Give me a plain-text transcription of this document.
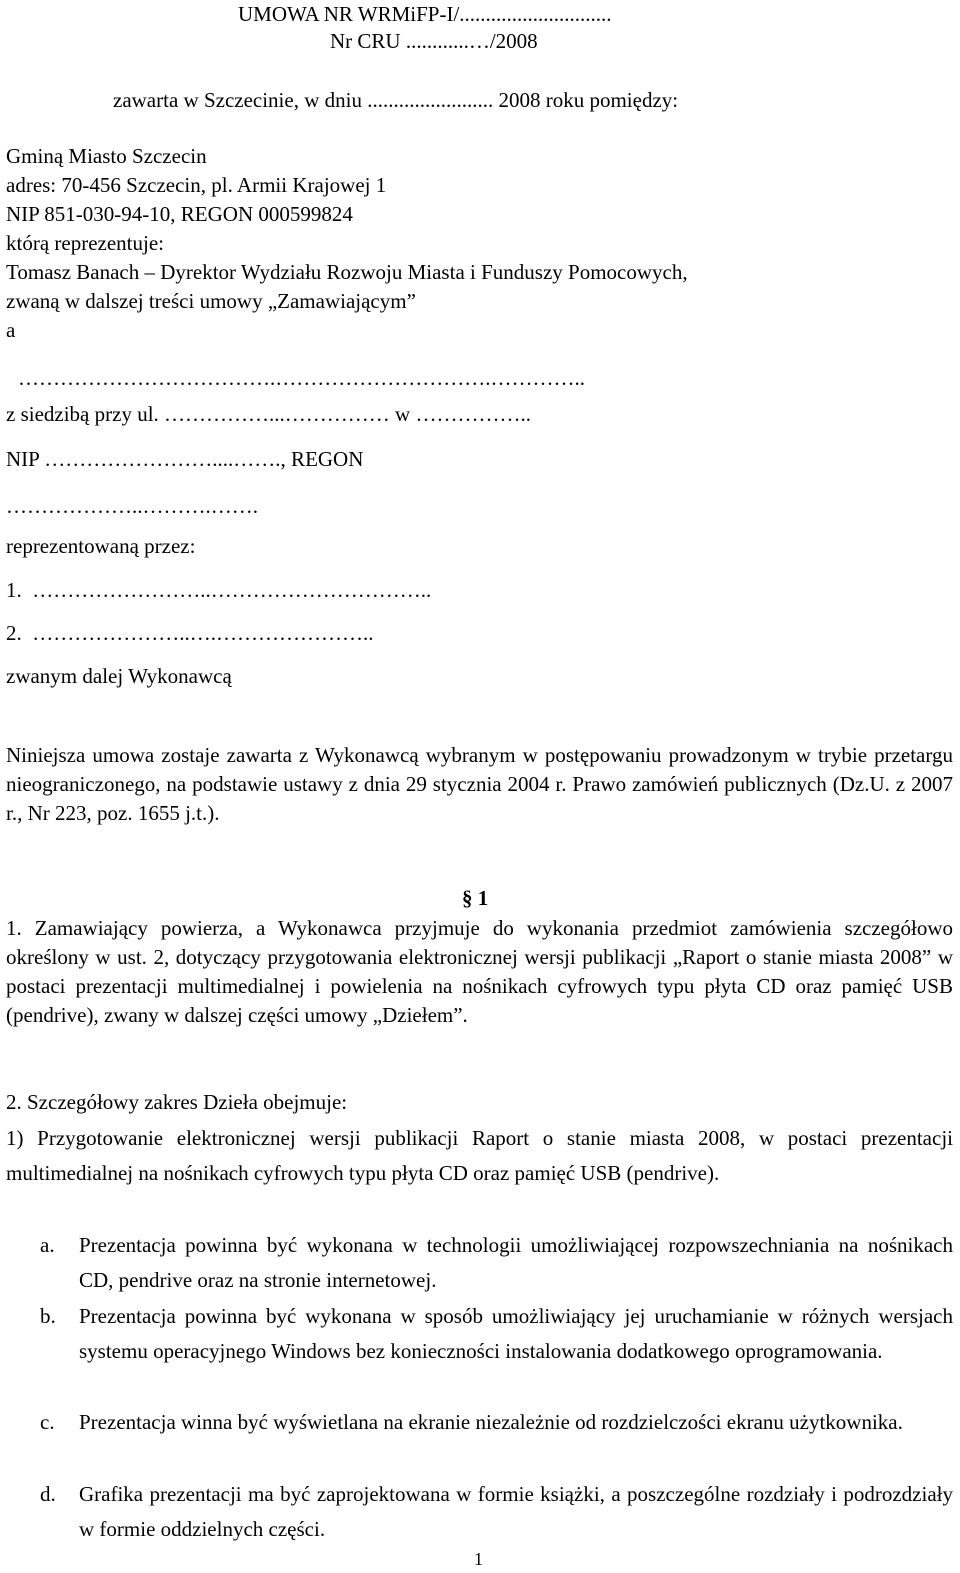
UMOWA NR WRMiFP-I/.............................
Nr CRU ............…/2008
zawarta w Szczecinie, w dniu ........................ 2008 roku pomiędzy:
Gminą Miasto Szczecin
adres: 70-456 Szczecin, pl. Armii Krajowej 1
NIP 851-030-94-10, REGON 000599824
którą reprezentuje:
Tomasz Banach – Dyrektor Wydziału Rozwoju Miasta i Funduszy Pomocowych,
zwaną w dalszej treści umowy „Zamawiającym”
a
……………………………….………………………….…………..
z siedzibą przy ul. ……………...…………… w ……………..
NIP ……………………....……., REGON
………………..……….…….
reprezentowaną przez:
1.  ……………………..…………………………..
2.  …………………..….…………………..
zwanym dalej Wykonawcą
Niniejsza umowa zostaje zawarta z Wykonawcą wybranym w postępowaniu prowadzonym w trybie przetargu nieograniczonego, na podstawie ustawy z dnia 29 stycznia 2004 r. Prawo zamówień publicznych (Dz.U. z 2007 r., Nr 223, poz. 1655 j.t.).
§ 1
1. Zamawiający powierza, a Wykonawca przyjmuje do wykonania przedmiot zamówienia szczegółowo określony w ust. 2, dotyczący przygotowania elektronicznej wersji publikacji „Raport o stanie miasta 2008” w postaci prezentacji multimedialnej i powielenia na nośnikach cyfrowych typu płyta CD oraz pamięć USB (pendrive), zwany w dalszej części umowy „Dziełem”.
2. Szczegółowy zakres Dzieła obejmuje:
1) Przygotowanie elektronicznej wersji publikacji Raport o stanie miasta 2008, w postaci prezentacji multimedialnej na nośnikach cyfrowych typu płyta CD oraz pamięć USB (pendrive).
a. Prezentacja powinna być wykonana w technologii umożliwiającej rozpowszechniania na nośnikach CD, pendrive oraz na stronie internetowej.
b. Prezentacja powinna być wykonana w sposób umożliwiający jej uruchamianie w różnych wersjach systemu operacyjnego Windows bez konieczności instalowania dodatkowego oprogramowania.
c. Prezentacja winna być wyświetlana na ekranie niezależnie od rozdzielczości ekranu użytkownika.
d. Grafika prezentacji ma być zaprojektowana w formie książki, a poszczególne rozdziały i podrozdziały w formie oddzielnych części.
1
